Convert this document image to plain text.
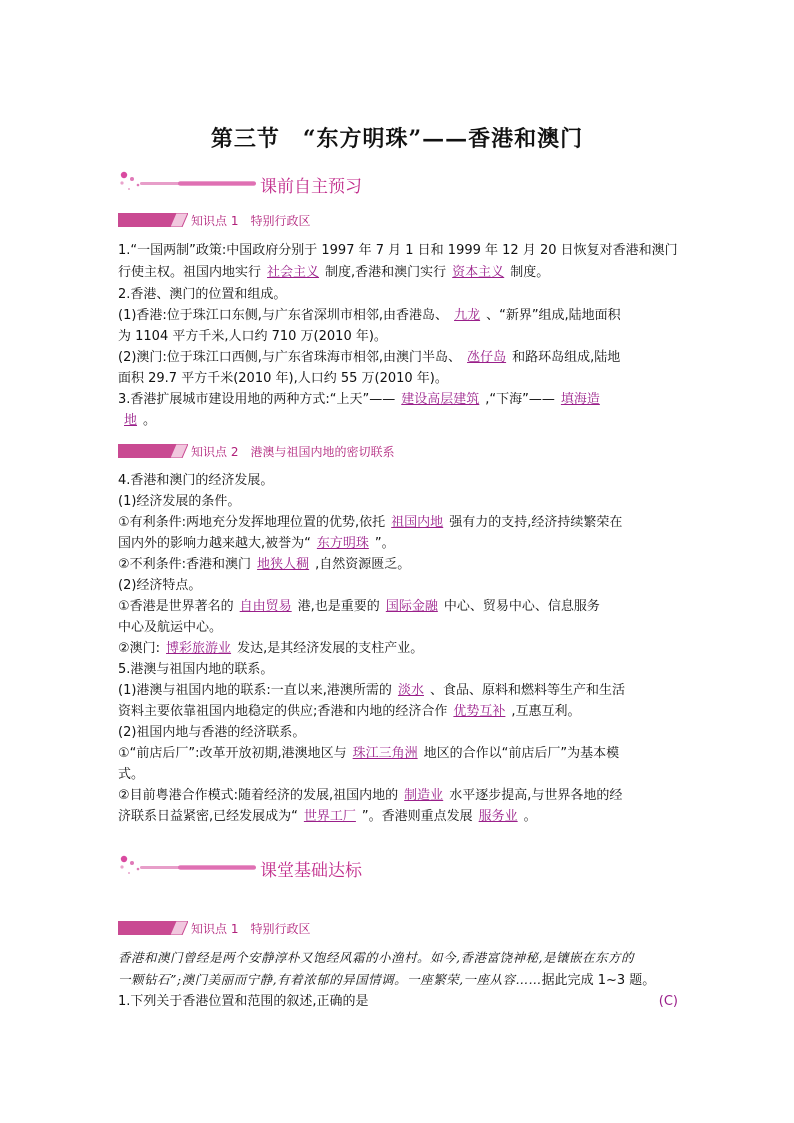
第三节　“东方明珠”——香港和澳门
课前自主预习
知识点 1　特别行政区
1.“一国两制”政策:中国政府分别于 1997 年 7 月 1 日和 1999 年 12 月 20 日恢复对香港和澳门
行使主权。祖国内地实行 社会主义 制度,香港和澳门实行 资本主义 制度。
2.香港、澳门的位置和组成。
(1)香港:位于珠江口东侧,与广东省深圳市相邻,由香港岛、 九龙 、“新界”组成,陆地面积
为 1104 平方千米,人口约 710 万(2010 年)。
(2)澳门:位于珠江口西侧,与广东省珠海市相邻,由澳门半岛、 氹仔岛 和路环岛组成,陆地
面积 29.7 平方千米(2010 年),人口约 55 万(2010 年)。
3.香港扩展城市建设用地的两种方式:“上天”—— 建设高层建筑 ,“下海”—— 填海造
地 。
知识点 2　港澳与祖国内地的密切联系
4.香港和澳门的经济发展。
(1)经济发展的条件。
①有利条件:两地充分发挥地理位置的优势,依托 祖国内地 强有力的支持,经济持续繁荣在
国内外的影响力越来越大,被誉为“ 东方明珠 ”。
②不利条件:香港和澳门 地狭人稠 ,自然资源匮乏。
(2)经济特点。
①香港是世界著名的 自由贸易 港,也是重要的 国际金融 中心、贸易中心、信息服务
中心及航运中心。
②澳门: 博彩旅游业 发达,是其经济发展的支柱产业。
5.港澳与祖国内地的联系。
(1)港澳与祖国内地的联系:一直以来,港澳所需的 淡水 、食品、原料和燃料等生产和生活
资料主要依靠祖国内地稳定的供应;香港和内地的经济合作 优势互补 ,互惠互利。
(2)祖国内地与香港的经济联系。
①“前店后厂”:改革开放初期,港澳地区与 珠江三角洲 地区的合作以“前店后厂”为基本模
式。
②目前粤港合作模式:随着经济的发展,祖国内地的 制造业 水平逐步提高,与世界各地的经
济联系日益紧密,已经发展成为“ 世界工厂 ”。香港则重点发展 服务业 。
课堂基础达标
知识点 1　特别行政区
香港和澳门曾经是两个安静淳朴又饱经风霜的小渔村。如今,香港富饶神秘,是镶嵌在东方的
一颗钻石”;澳门美丽而宁静,有着浓郁的异国情调。一座繁荣,一座从容……据此完成 1~3 题。
1.下列关于香港位置和范围的叙述,正确的是	(C)
